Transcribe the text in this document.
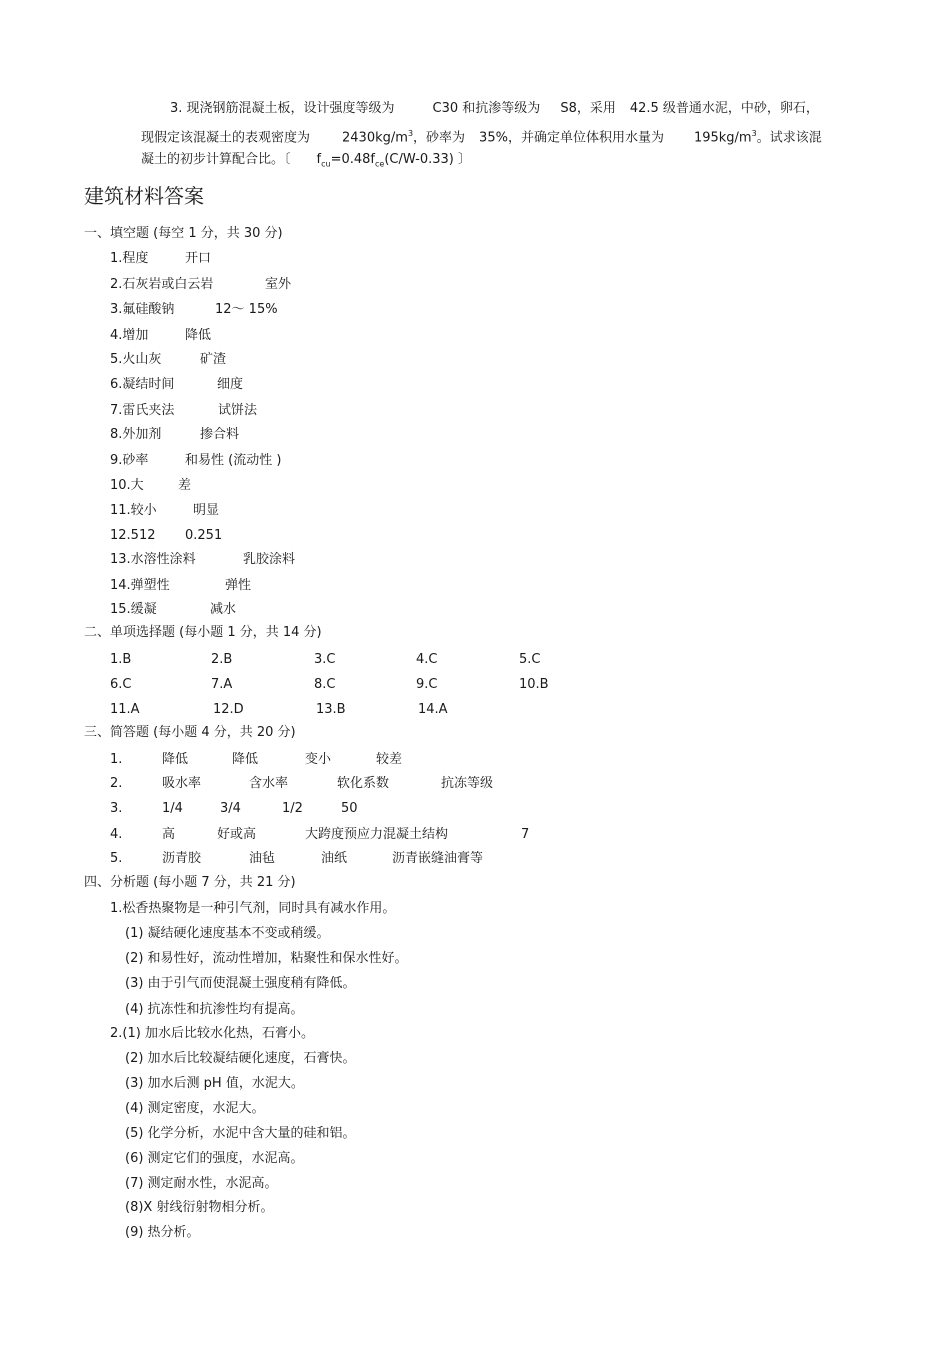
3. 现浇钢筋混凝土板，设计强度等级为	C30 和抗渗等级为 S8，采用 42.5 级普通水泥，中砂，卵石，
现假定该混凝土的表观密度为 $2430kg/m^3$，砂率为 35%，并确定单位体积用水量为 $195kg/m^3$。试求该混
凝土的初步计算配合比。〔 $f_{cu}=0.48f_{ce}(C/W-0.33)$ 〕
建筑材料答案
一、填空题 (每空 1 分，共 30 分)
1.程度	开口
2.石灰岩或白云岩	室外
3.氟硅酸钠	12～ 15%
4.增加	降低
5.火山灰	矿渣
6.凝结时间	细度
7.雷氏夹法	试饼法
8.外加剂	掺合料
9.砂率	和易性 (流动性 )
10.大	差
11.较小	明显
12.512 0.251
13.水溶性涂料	乳胶涂料
14.弹塑性	弹性
15.缓凝	减水
二、单项选择题 (每小题 1 分，共 14 分)
1.B	2.B	3.C	4.C	5.C
6.C	7.A	8.C	9.C	10.B
11.A	12.D	13.B	14.A
三、简答题 (每小题 4 分，共 20 分)
1.	降低	降低	变小	较差
2.	吸水率	含水率	软化系数	抗冻等级
3.	1/4	3/4	1/2	50
4.	高	好或高	大跨度预应力混凝土结构	7
5.	沥青胶	油毡	油纸	沥青嵌缝油膏等
四、分析题 (每小题 7 分，共 21 分)
1.松香热聚物是一种引气剂，同时具有减水作用。
(1) 凝结硬化速度基本不变或稍缓。
(2) 和易性好，流动性增加，粘聚性和保水性好。
(3) 由于引气而使混凝土强度稍有降低。
(4) 抗冻性和抗渗性均有提高。
2.(1) 加水后比较水化热，石膏小。
(2) 加水后比较凝结硬化速度，石膏快。
(3) 加水后测 pH 值，水泥大。
(4) 测定密度，水泥大。
(5) 化学分析，水泥中含大量的硅和铝。
(6) 测定它们的强度，水泥高。
(7) 测定耐水性，水泥高。
(8)X 射线衍射物相分析。
(9) 热分析。
